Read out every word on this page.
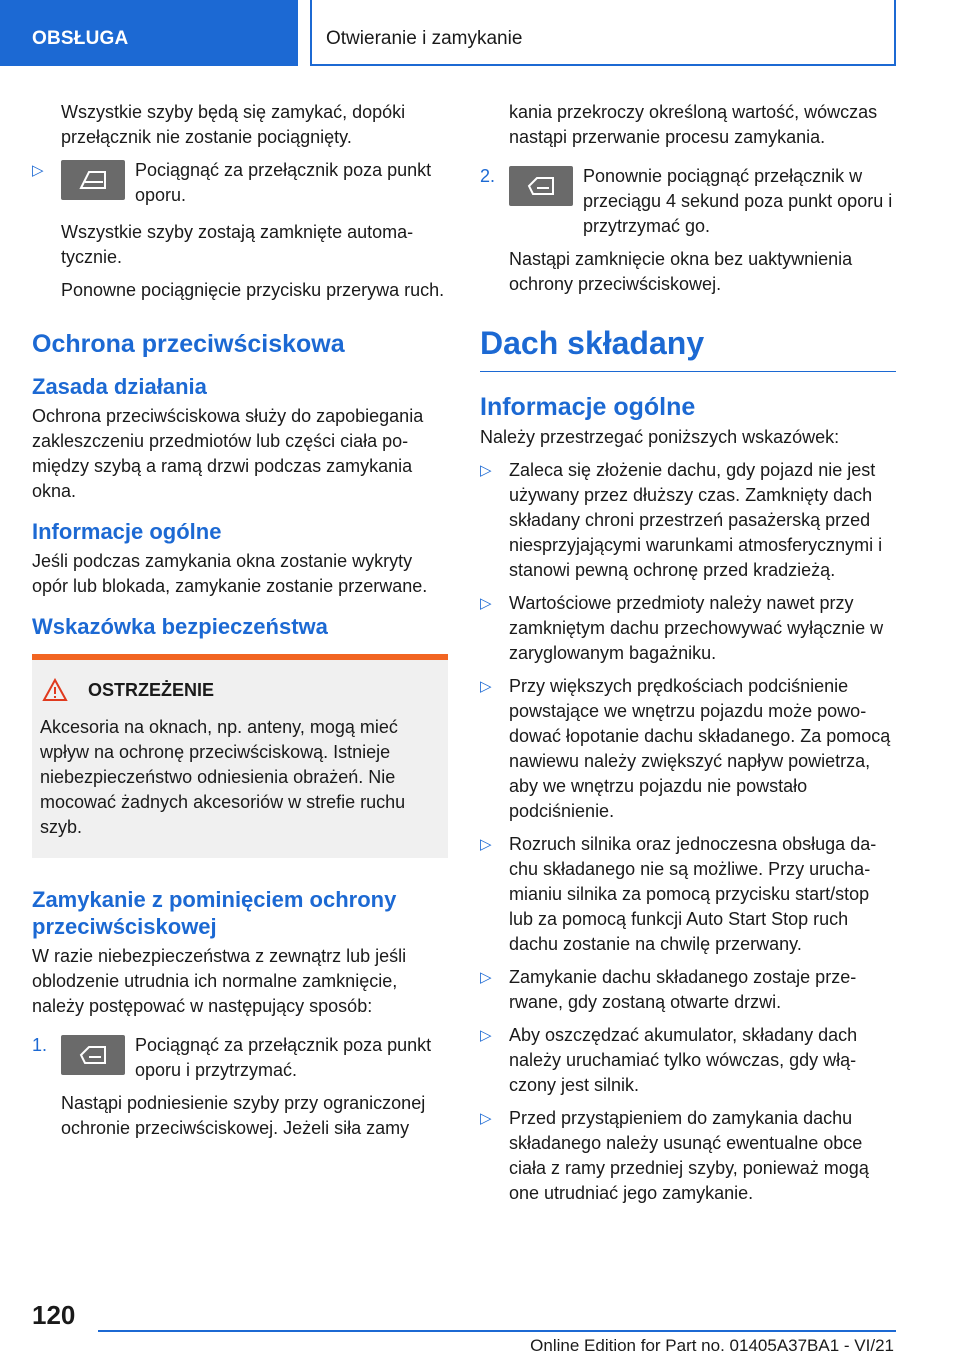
OBSŁUGA	Otwieranie i zamykanie

Wszystkie szyby będą się zamykać, dopóki przełącznik nie zostanie pociągnięty.

▷	Pociągnąć za przełącznik poza punkt oporu.

Wszystkie szyby zostają zamknięte automatycznie.

Ponowne pociągnięcie przycisku przerywa ruch.

Ochrona przeciwściskowa
Zasada działania

Ochrona przeciwściskowa służy do zapobiegania zakleszczeniu przedmiotów lub części ciała pomiędzy szybą a ramą drzwi podczas zamykania okna.

Informacje ogólne

Jeśli podczas zamykania okna zostanie wykryty opór lub blokada, zamykanie zostanie przerwane.

Wskazówka bezpieczeństwa
OSTRZEŻENIE

Akcesoria na oknach, np. anteny, mogą mieć wpływ na ochronę przeciwściskową. Istnieje niebezpieczeństwo odniesienia obrażeń. Nie mocować żadnych akcesoriów w strefie ruchu szyb.

Zamykanie z pominięciem ochrony przeciwściskowej

W razie niebezpieczeństwa z zewnątrz lub jeśli oblodzenie utrudnia ich normalne zamknięcie, należy postępować w następujący sposób:

1.	Pociągnąć za przełącznik poza punkt oporu i przytrzymać.

Nastąpi podniesienie szyby przy ograniczonej ochronie przeciwściskowej. Jeżeli siła zamy

kania przekroczy określoną wartość, wówczas nastąpi przerwanie procesu zamykania.

2.	Ponownie pociągnąć przełącznik w przeciągu 4 sekund poza punkt oporu i przytrzymać go.

Nastąpi zamknięcie okna bez uaktywnienia ochrony przeciwściskowej.

Dach składany
Informacje ogólne

Należy przestrzegać poniższych wskazówek:

▷ Zaleca się złożenie dachu, gdy pojazd nie jest używany przez dłuższy czas. Zamknięty dach składany chroni przestrzeń pasażerską przed niesprzyjającymi warunkami atmosferycznymi i stanowi pewną ochronę przed kradzieżą.
▷ Wartościowe przedmioty należy nawet przy zamkniętym dachu przechowywać wyłącznie w zaryglowanym bagażniku.
▷ Przy większych prędkościach podciśnienie powstające we wnętrzu pojazdu może powodować łopotanie dachu składanego. Za pomocą nawiewu należy zwiększyć napływ powietrza, aby we wnętrzu pojazdu nie powstało podciśnienie.
▷ Rozruch silnika oraz jednoczesna obsługa dachu składanego nie są możliwe. Przy uruchamianiu silnika za pomocą przycisku start/stop lub za pomocą funkcji Auto Start Stop ruch dachu zostanie na chwilę przerwany.
▷ Zamykanie dachu składanego zostaje przerwane, gdy zostaną otwarte drzwi.
▷ Aby oszczędzać akumulator, składany dach należy uruchamiać tylko wówczas, gdy włączony jest silnik.
▷ Przed przystąpieniem do zamykania dachu składanego należy usunąć ewentualne obce ciała z ramy przedniej szyby, ponieważ mogą one utrudniać jego zamykanie.
120
Online Edition for Part no. 01405A37BA1 - VI/21
